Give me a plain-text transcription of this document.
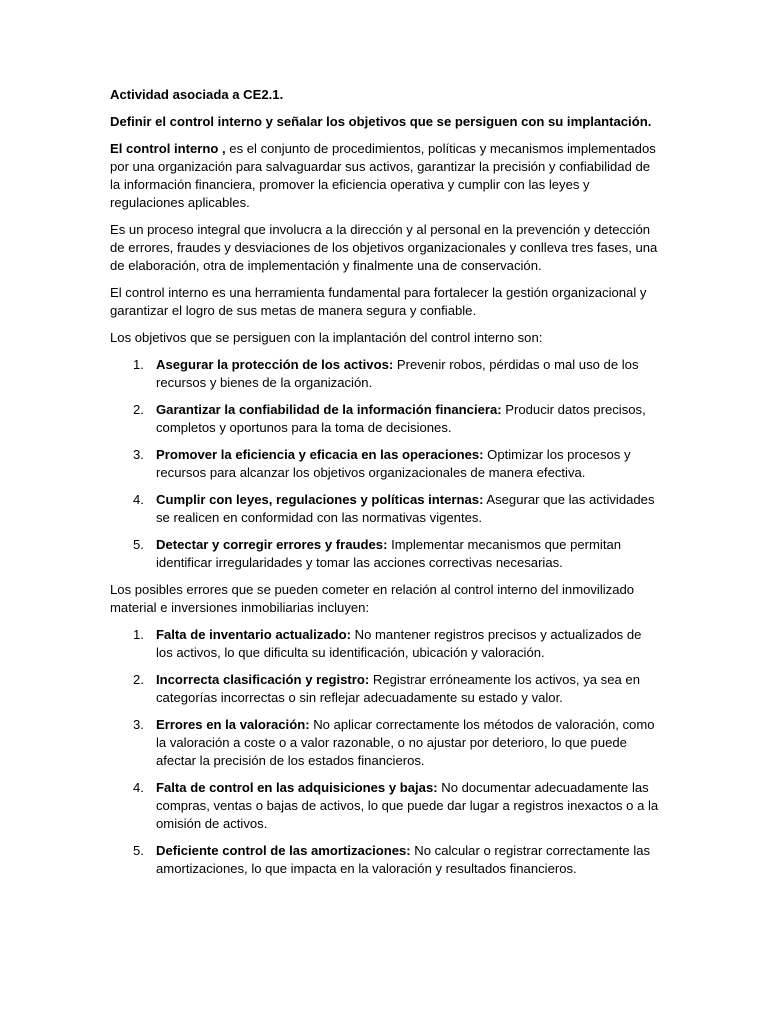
Actividad asociada a CE2.1.

Definir el control interno y señalar los objetivos que se persiguen con su implantación.

El control interno , es el conjunto de procedimientos, políticas y mecanismos implementados por una organización para salvaguardar sus activos, garantizar la precisión y confiabilidad de la información financiera, promover la eficiencia operativa y cumplir con las leyes y regulaciones aplicables.

Es un proceso integral que involucra a la dirección y al personal en la prevención y detección de errores, fraudes y desviaciones de los objetivos organizacionales y conlleva tres fases, una de elaboración, otra de implementación y finalmente una de conservación.

El control interno es una herramienta fundamental para fortalecer la gestión organizacional y garantizar el logro de sus metas de manera segura y confiable.

Los objetivos que se persiguen con la implantación del control interno son:

1. Asegurar la protección de los activos: Prevenir robos, pérdidas o mal uso de los recursos y bienes de la organización.
2. Garantizar la confiabilidad de la información financiera: Producir datos precisos, completos y oportunos para la toma de decisiones.
3. Promover la eficiencia y eficacia en las operaciones: Optimizar los procesos y recursos para alcanzar los objetivos organizacionales de manera efectiva.
4. Cumplir con leyes, regulaciones y políticas internas: Asegurar que las actividades se realicen en conformidad con las normativas vigentes.
5. Detectar y corregir errores y fraudes: Implementar mecanismos que permitan identificar irregularidades y tomar las acciones correctivas necesarias.

Los posibles errores que se pueden cometer en relación al control interno del inmovilizado material e inversiones inmobiliarias incluyen:

1. Falta de inventario actualizado: No mantener registros precisos y actualizados de los activos, lo que dificulta su identificación, ubicación y valoración.
2. Incorrecta clasificación y registro: Registrar erróneamente los activos, ya sea en categorías incorrectas o sin reflejar adecuadamente su estado y valor.
3. Errores en la valoración: No aplicar correctamente los métodos de valoración, como la valoración a coste o a valor razonable, o no ajustar por deterioro, lo que puede afectar la precisión de los estados financieros.
4. Falta de control en las adquisiciones y bajas: No documentar adecuadamente las compras, ventas o bajas de activos, lo que puede dar lugar a registros inexactos o a la omisión de activos.
5. Deficiente control de las amortizaciones: No calcular o registrar correctamente las amortizaciones, lo que impacta en la valoración y resultados financieros.
